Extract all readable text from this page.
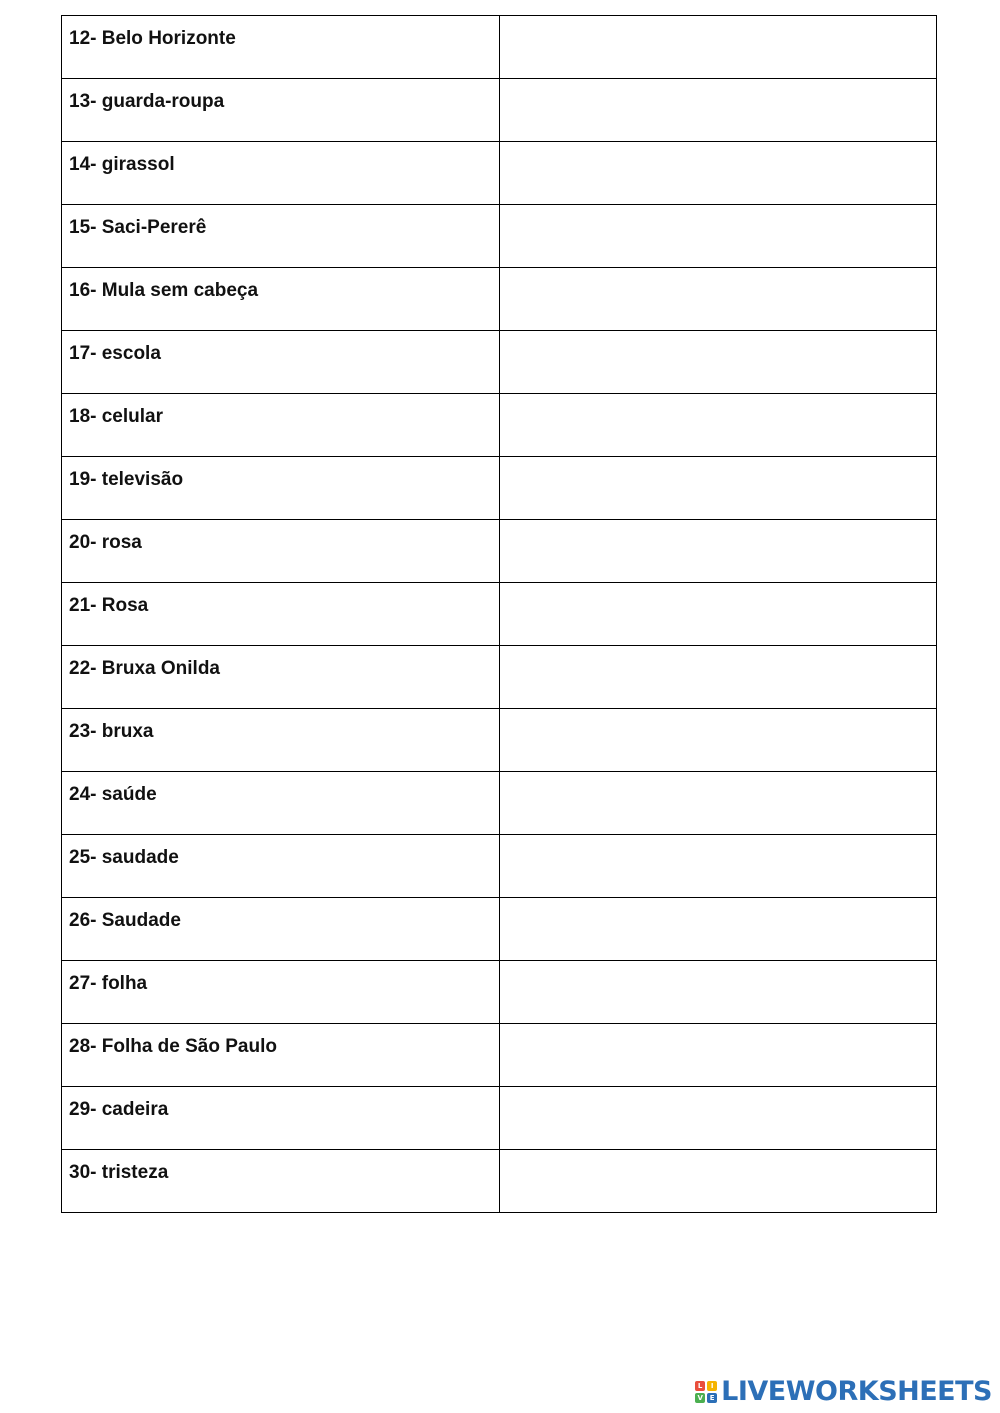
12- Belo Horizonte

13- guarda-roupa

14- girassol

15- Saci-Pererê

16- Mula sem cabeça

17- escola

18- celular

19- televisão

20- rosa

21- Rosa

22- Bruxa Onilda

23- bruxa

24- saúde

25- saudade

26- Saudade

27- folha

28- Folha de São Paulo

29- cadeira

30- tristeza

L	I
V E LIVEWORKSHEETS
